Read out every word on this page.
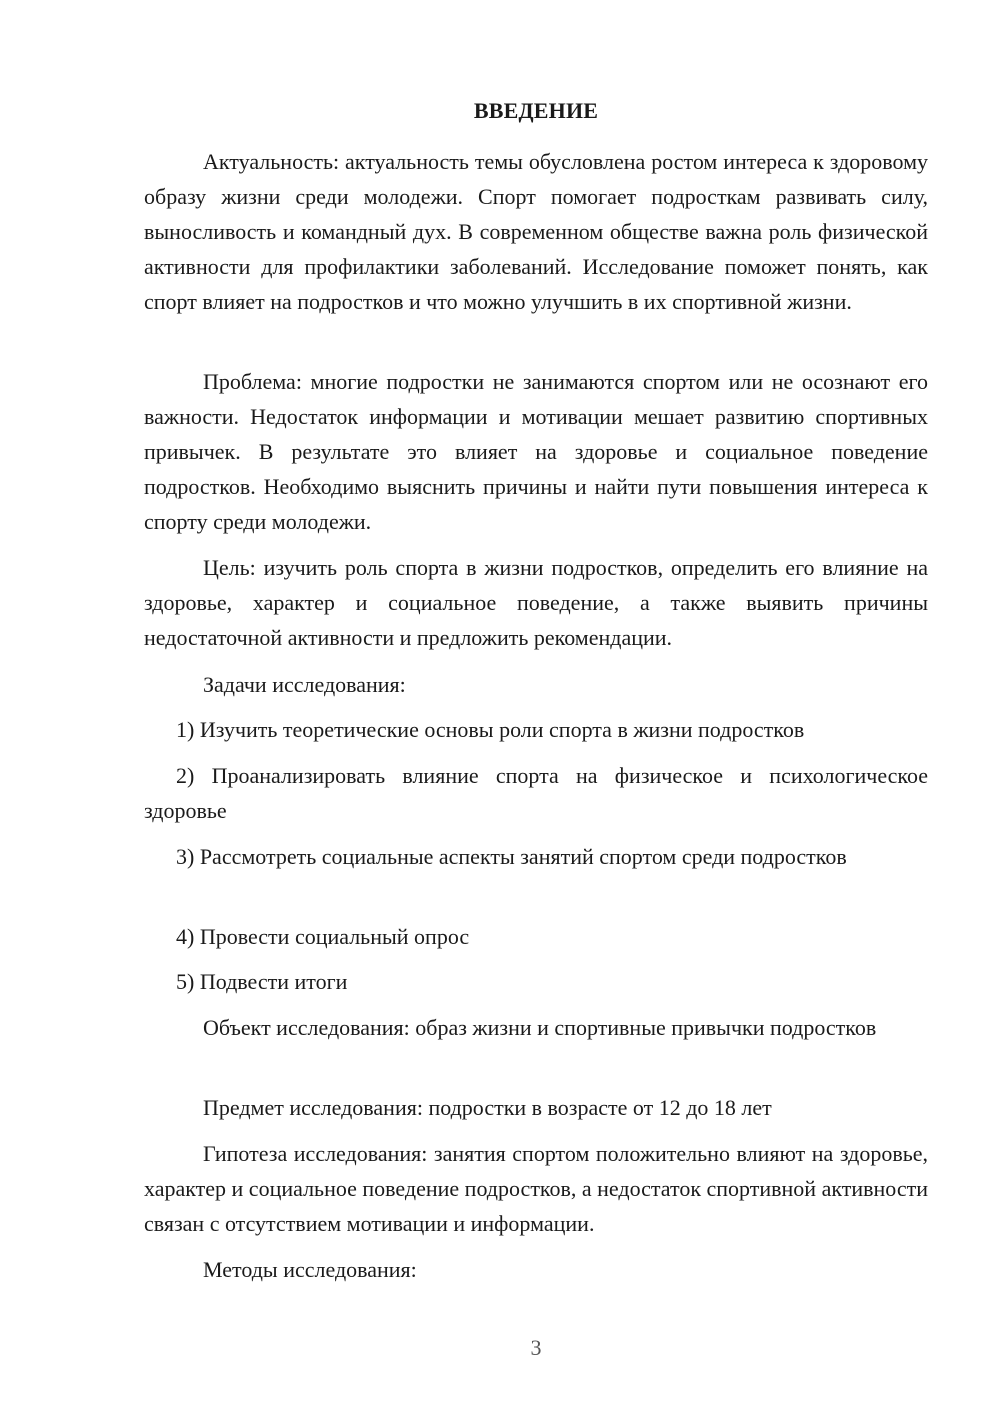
ВВЕДЕНИЕ

Актуальность: актуальность темы обусловлена ростом интереса к здоровому образу жизни среди молодежи. Спорт помогает подросткам развивать силу, выносливость и командный дух. В современном обществе важна роль физической активности для профилактики заболеваний. Исследование поможет понять, как спорт влияет на подростков и что можно улучшить в их спортивной жизни.

Проблема: многие подростки не занимаются спортом или не осознают его важности. Недостаток информации и мотивации мешает развитию спортивных привычек. В результате это влияет на здоровье и социальное поведение подростков. Необходимо выяснить причины и найти пути повышения интереса к спорту среди молодежи.

Цель: изучить роль спорта в жизни подростков, определить его влияние на здоровье, характер и социальное поведение, а также выявить причины недостаточной активности и предложить рекомендации.

Задачи исследования:

1) Изучить теоретические основы роли спорта в жизни подростков

2) Проанализировать влияние спорта на физическое и психологическое здоровье

3) Рассмотреть социальные аспекты занятий спортом среди подростков

4) Провести социальный опрос

5) Подвести итоги

Объект исследования: образ жизни и спортивные привычки подростков

Предмет исследования: подростки в возрасте от 12 до 18 лет

Гипотеза исследования: занятия спортом положительно влияют на здоровье, характер и социальное поведение подростков, а недостаток спортивной активности связан с отсутствием мотивации и информации.

Методы исследования:

3
